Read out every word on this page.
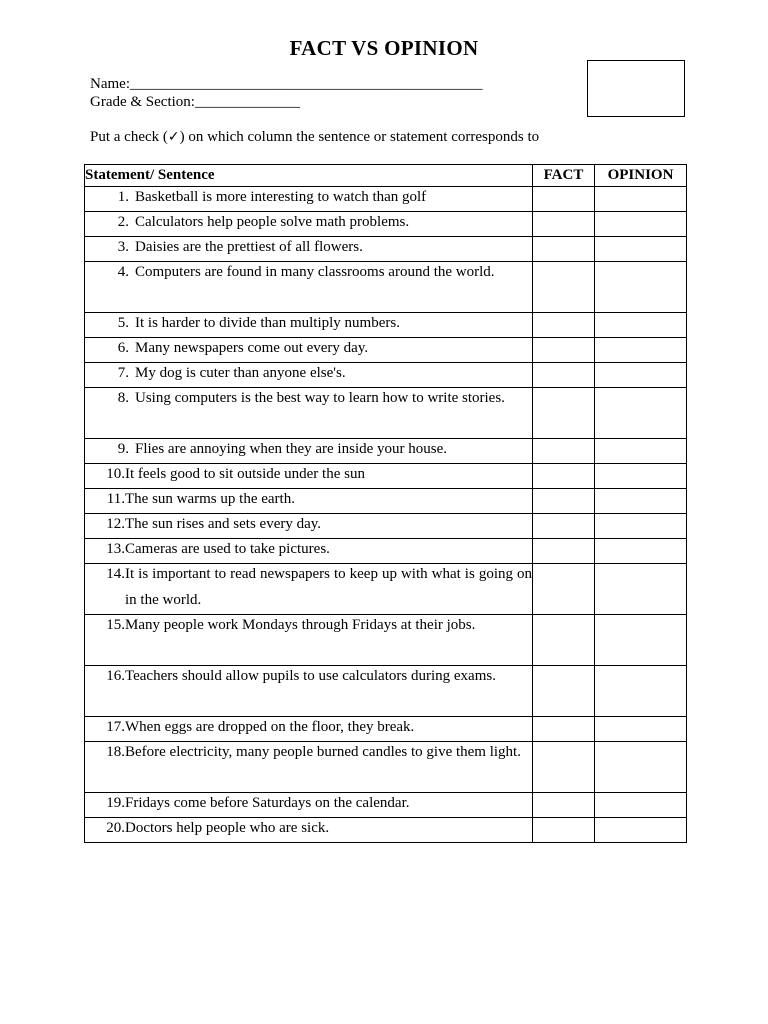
FACT VS OPINION
Name:_______________________________________________
Grade & Section:______________
Put a check (✓) on which column the sentence or statement corresponds to
Statement/ Sentence	FACT	OPINION

1. Basketball is more interesting to watch than golf		

2. Calculators help people solve math problems.		

3. Daisies are the prettiest of all flowers.		

4. Computers are found in many classrooms around the world.		

5. It is harder to divide than multiply numbers.		

6. Many newspapers come out every day.		

7. My dog is cuter than anyone else's.		

8. Using computers is the best way to learn how to write stories.		

9. Flies are annoying when they are inside your house.		

10. It feels good to sit outside under the sun		

11. The sun warms up the earth.		

12. The sun rises and sets every day.		

13. Cameras are used to take pictures.		

14. It is important to read newspapers to keep up with what is going on in the world.		

15. Many people work Mondays through Fridays at their jobs.		

16. Teachers should allow pupils to use calculators during exams.		

17. When eggs are dropped on the floor, they break.		

18. Before electricity, many people burned candles to give them light.		

19. Fridays come before Saturdays on the calendar.		

20. Doctors help people who are sick.		
